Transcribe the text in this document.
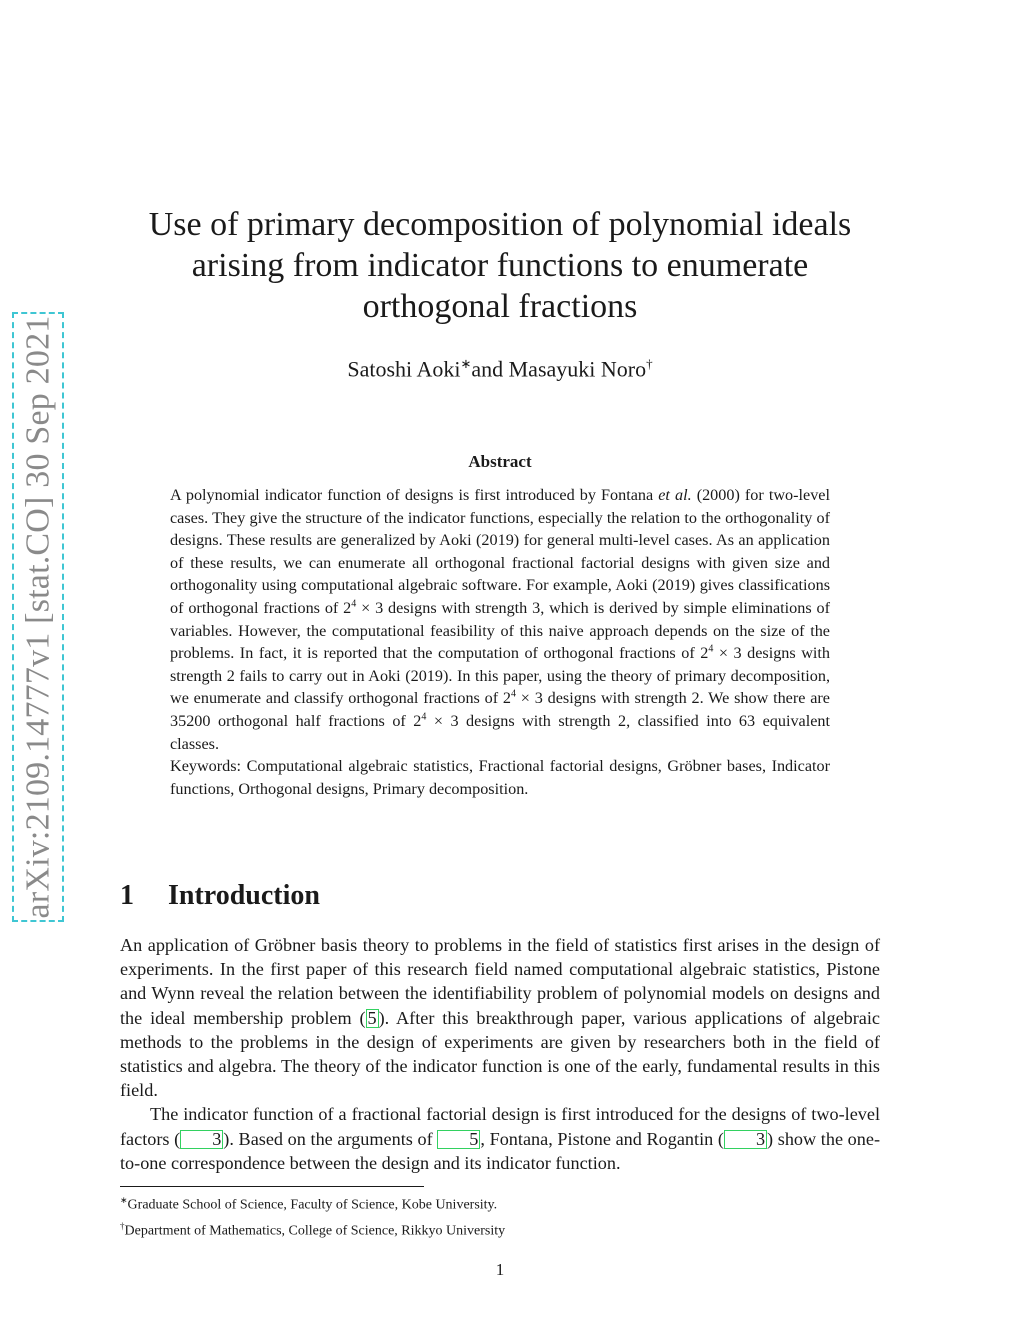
arXiv:2109.14777v1 [stat.CO] 30 Sep 2021
Use of primary decomposition of polynomial ideals
arising from indicator functions to enumerate
orthogonal fractions
Satoshi Aoki∗and Masayuki Noro†
Abstract

A polynomial indicator function of designs is first introduced by Fontana et al. (2000) for two-level cases. They give the structure of the indicator functions, especially the relation to the orthogonality of designs. These results are generalized by Aoki (2019) for general multi-level cases. As an application of these results, we can enumerate all orthogonal fractional factorial designs with given size and orthogonality using computational algebraic software. For example, Aoki (2019) gives classifications of orthogonal fractions of $2^4 \times 3$ designs with strength 3, which is derived by simple eliminations of variables. However, the computational feasibility of this naive approach depends on the size of the problems. In fact, it is reported that the computation of orthogonal fractions of $2^4 \times 3$ designs with strength 2 fails to carry out in Aoki (2019). In this paper, using the theory of primary decomposition, we enumerate and classify orthogonal fractions of $2^4 \times 3$ designs with strength 2. We show there are 35200 orthogonal half fractions of $2^4 \times 3$ designs with strength 2, classified into 63 equivalent classes.

Keywords: Computational algebraic statistics, Fractional factorial designs, Gröbner bases, Indicator functions, Orthogonal designs, Primary decomposition.

1 Introduction

An application of Gröbner basis theory to problems in the field of statistics first arises in the design of experiments. In the first paper of this research field named computational algebraic statistics, Pistone and Wynn reveal the relation between the identifiability problem of polynomial models on designs and the ideal membership problem ( 5 ). After this breakthrough paper, various applications of algebraic methods to the problems in the design of experiments are given by researchers both in the field of statistics and algebra. The theory of the indicator function is one of the early, fundamental results in this field.

The indicator function of a fractional factorial design is first introduced for the designs of two-level factors ( 3 ). Based on the arguments of 5 , Fontana, Pistone and Rogantin ( 3 ) show the one-to-one correspondence between the design and its indicator function.

∗Graduate School of Science, Faculty of Science, Kobe University.
†Department of Mathematics, College of Science, Rikkyo University
1
